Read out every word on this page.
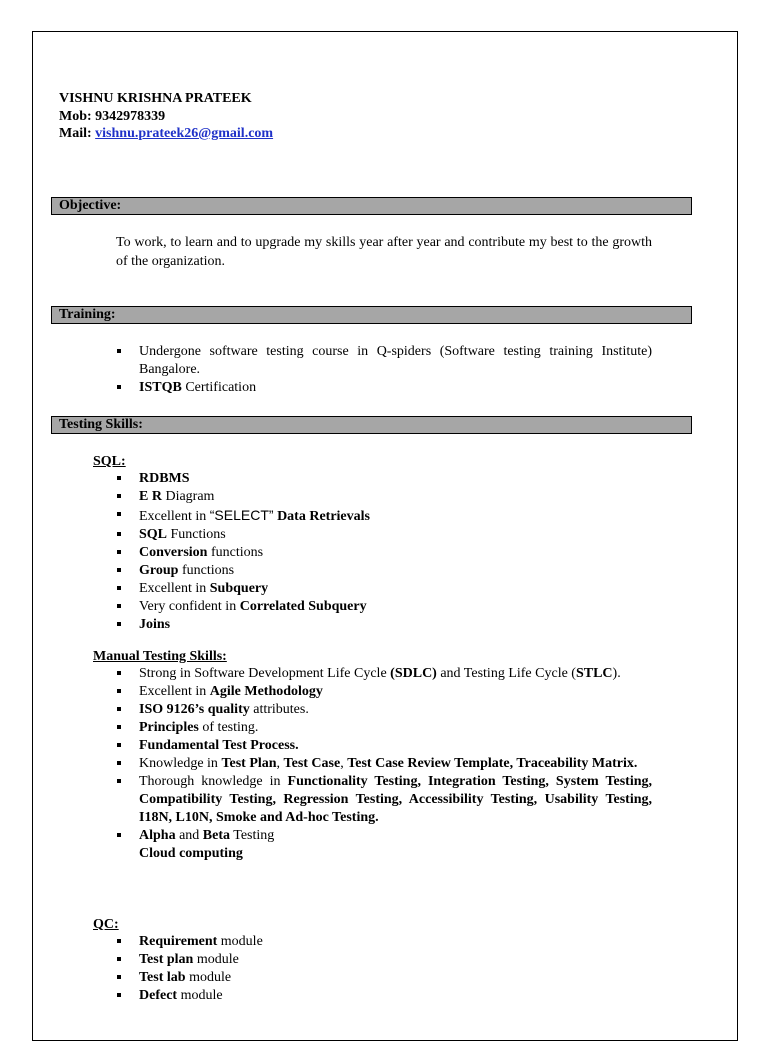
VISHNU KRISHNA PRATEEK
Mob: 9342978339
Mail: vishnu.prateek26@gmail.com
Objective:
To work, to learn and to upgrade my skills year after year and contribute my best to the growth of the organization.
Training:
Undergone software testing course in Q-spiders (Software testing training Institute) Bangalore.
ISTQB Certification
Testing Skills:
SQL:
RDBMS
E R Diagram
Excellent in “SELECT” Data Retrievals
SQL Functions
Conversion functions
Group functions
Excellent in Subquery
Very confident in Correlated Subquery
Joins
Manual Testing Skills:
Strong in Software Development Life Cycle (SDLC) and Testing Life Cycle (STLC).
Excellent in Agile Methodology
ISO 9126’s quality attributes.
Principles of testing.
Fundamental Test Process.
Knowledge in Test Plan, Test Case, Test Case Review Template, Traceability Matrix.
Thorough knowledge in Functionality Testing, Integration Testing, System Testing, Compatibility Testing, Regression Testing, Accessibility Testing, Usability Testing, I18N, L10N, Smoke and Ad-hoc Testing.
Alpha and Beta Testing
Cloud computing
QC:
Requirement module
Test plan module
Test lab module
Defect module
